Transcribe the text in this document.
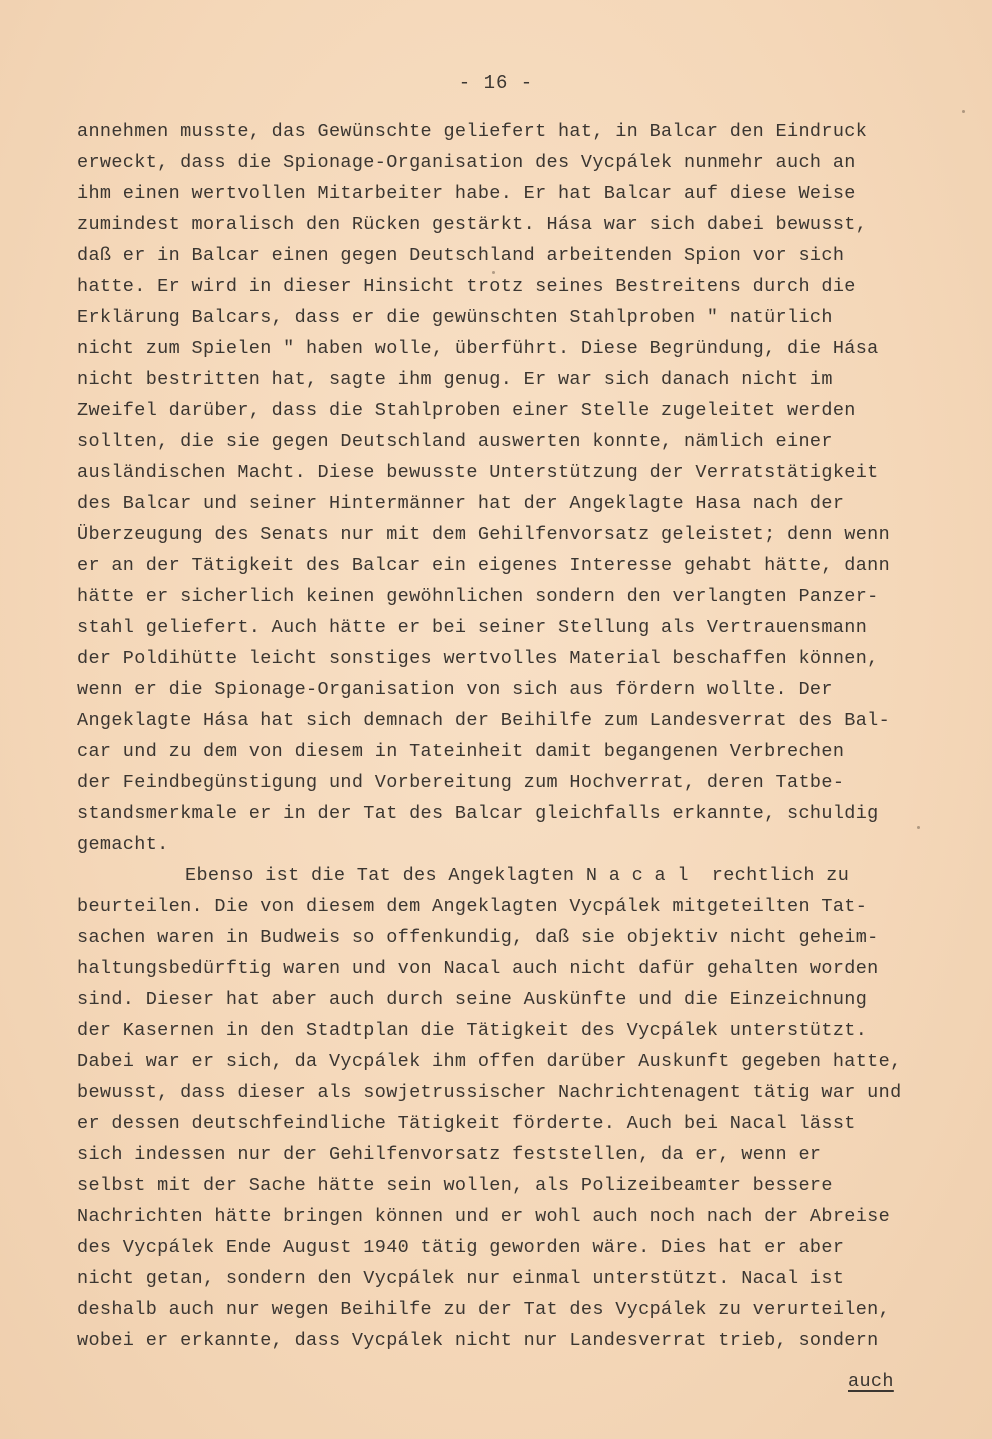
- 16 -
annehmen musste, das Gewünschte geliefert hat, in Balcar den Eindruck
erweckt, dass die Spionage-Organisation des Vycpálek nunmehr auch an
ihm einen wertvollen Mitarbeiter habe. Er hat Balcar auf diese Weise
zumindest moralisch den Rücken gestärkt. Hása war sich dabei bewusst,
daß er in Balcar einen gegen Deutschland arbeitenden Spion vor sich
hatte. Er wird in dieser Hinsicht trotz seines Bestreitens durch die
Erklärung Balcars, dass er die gewünschten Stahlproben " natürlich
nicht zum Spielen " haben wolle, überführt. Diese Begründung, die Hása
nicht bestritten hat, sagte ihm genug. Er war sich danach nicht im
Zweifel darüber, dass die Stahlproben einer Stelle zugeleitet werden
sollten, die sie gegen Deutschland auswerten konnte, nämlich einer
ausländischen Macht. Diese bewusste Unterstützung der Verratstätigkeit
des Balcar und seiner Hintermänner hat der Angeklagte Hasa nach der
Überzeugung des Senats nur mit dem Gehilfenvorsatz geleistet; denn wenn
er an der Tätigkeit des Balcar ein eigenes Interesse gehabt hätte, dann
hätte er sicherlich keinen gewöhnlichen sondern den verlangten Panzer-
stahl geliefert. Auch hätte er bei seiner Stellung als Vertrauensmann
der Poldihütte leicht sonstiges wertvolles Material beschaffen können,
wenn er die Spionage-Organisation von sich aus fördern wollte. Der
Angeklagte Hása hat sich demnach der Beihilfe zum Landesverrat des Bal-
car und zu dem von diesem in Tateinheit damit begangenen Verbrechen
der Feindbegünstigung und Vorbereitung zum Hochverrat, deren Tatbe-
standsmerkmale er in der Tat des Balcar gleichfalls erkannte, schuldig
gemacht.
Ebenso ist die Tat des Angeklagten N a c a l  rechtlich zu
beurteilen. Die von diesem dem Angeklagten Vycpálek mitgeteilten Tat-
sachen waren in Budweis so offenkundig, daß sie objektiv nicht geheim-
haltungsbedürftig waren und von Nacal auch nicht dafür gehalten worden
sind. Dieser hat aber auch durch seine Auskünfte und die Einzeichnung
der Kasernen in den Stadtplan die Tätigkeit des Vycpálek unterstützt.
Dabei war er sich, da Vycpálek ihm offen darüber Auskunft gegeben hatte,
bewusst, dass dieser als sowjetrussischer Nachrichtenagent tätig war und
er dessen deutschfeindliche Tätigkeit förderte. Auch bei Nacal lässt
sich indessen nur der Gehilfenvorsatz feststellen, da er, wenn er
selbst mit der Sache hätte sein wollen, als Polizeibeamter bessere
Nachrichten hätte bringen können und er wohl auch noch nach der Abreise
des Vycpálek Ende August 1940 tätig geworden wäre. Dies hat er aber
nicht getan, sondern den Vycpálek nur einmal unterstützt. Nacal ist
deshalb auch nur wegen Beihilfe zu der Tat des Vycpálek zu verurteilen,
wobei er erkannte, dass Vycpálek nicht nur Landesverrat trieb, sondern
auch
